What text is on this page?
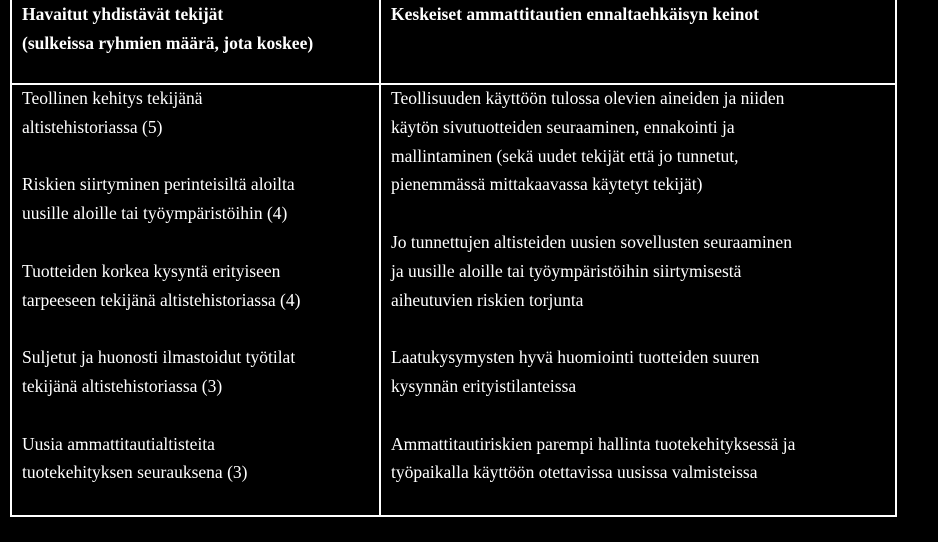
Havaitut yhdistävät tekijät
(sulkeissa ryhmien määrä, jota koskee)
Keskeiset ammattitautien ennaltaehkäisyn keinot

Teollinen kehitys tekijänä
altistehistoriassa (5)

Riskien siirtyminen perinteisiltä aloilta
uusille aloille tai työympäristöihin (4)

Tuotteiden korkea kysyntä erityiseen
tarpeeseen tekijänä altistehistoriassa (4)

Suljetut ja huonosti ilmastoidut työtilat
tekijänä altistehistoriassa (3)

Uusia ammattitautialtisteita
tuotekehityksen seurauksena (3)

Teollisuuden käyttöön tulossa olevien aineiden ja niiden
käytön sivutuotteiden seuraaminen, ennakointi ja
mallintaminen (sekä uudet tekijät että jo tunnetut,
pienemmässä mittakaavassa käytetyt tekijät)

Jo tunnettujen altisteiden uusien sovellusten seuraaminen
ja uusille aloille tai työympäristöihin siirtymisestä
aiheutuvien riskien torjunta

Laatukysymysten hyvä huomiointi tuotteiden suuren
kysynnän erityistilanteissa

Ammattitautiriskien parempi hallinta tuotekehityksessä ja
työpaikalla käyttöön otettavissa uusissa valmisteissa
